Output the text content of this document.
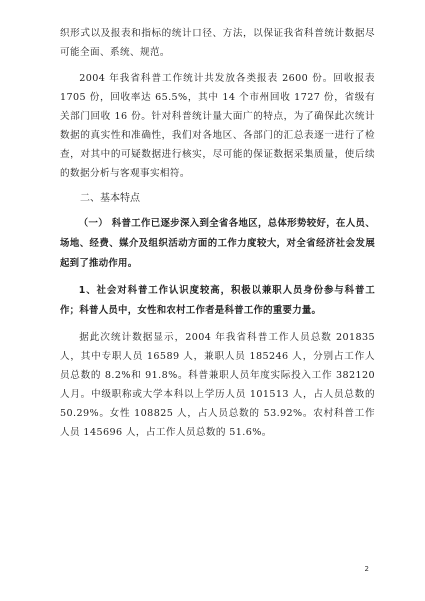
织形式以及报表和指标的统计口径、方法，以保证我省科普统计数据尽可能全面、系统、规范。

2004 年我省科普工作统计共发放各类报表 2600 份。回收报表 1705 份，回收率达 65.5%，其中 14 个市州回收 1727 份，省级有关部门回收 16 份。针对科普统计量大面广的特点，为了确保此次统计数据的真实性和准确性，我们对各地区、各部门的汇总表逐一进行了检查，对其中的可疑数据进行核实，尽可能的保证数据采集质量，使后续的数据分析与客观事实相符。

二、基本特点

（一） 科普工作已逐步深入到全省各地区，总体形势较好，在人员、场地、经费、媒介及组织活动方面的工作力度较大，对全省经济社会发展起到了推动作用。

1、社会对科普工作认识度较高，积极以兼职人员身份参与科普工作；科普人员中，女性和农村工作者是科普工作的重要力量。

据此次统计数据显示，2004 年我省科普工作人员总数 201835 人，其中专职人员 16589 人，兼职人员 185246 人，分别占工作人员总数的 8.2%和 91.8%。科普兼职人员年度实际投入工作 382120 人月。中级职称或大学本科以上学历人员 101513 人，占人员总数的 50.29%。女性 108825 人，占人员总数的 53.92%。农村科普工作人员 145696 人，占工作人员总数的 51.6%。

2
